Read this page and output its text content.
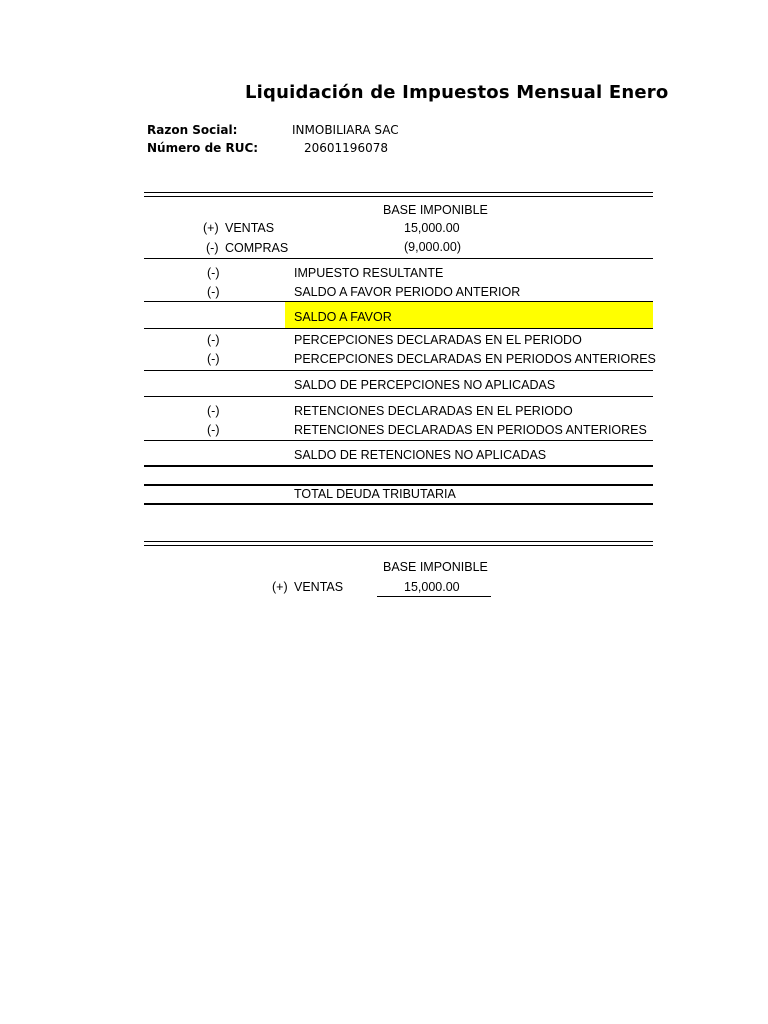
Liquidación de Impuestos Mensual Enero
Razon Social:	INMOBILIARA SAC
Número de RUC:	20601196078
BASE IMPONIBLE
(+) VENTAS	15,000.00
(-) COMPRAS	(9,000.00)
(-)	IMPUESTO RESULTANTE
(-)	SALDO A FAVOR PERIODO ANTERIOR
SALDO A FAVOR
(-)	PERCEPCIONES DECLARADAS EN EL PERIODO
(-)	PERCEPCIONES DECLARADAS EN PERIODOS ANTERIORES
SALDO DE PERCEPCIONES NO APLICADAS
(-)	RETENCIONES DECLARADAS EN EL PERIODO
(-)	RETENCIONES DECLARADAS EN PERIODOS ANTERIORES
SALDO DE RETENCIONES NO APLICADAS
TOTAL DEUDA TRIBUTARIA
BASE IMPONIBLE
(+) VENTAS	15,000.00
